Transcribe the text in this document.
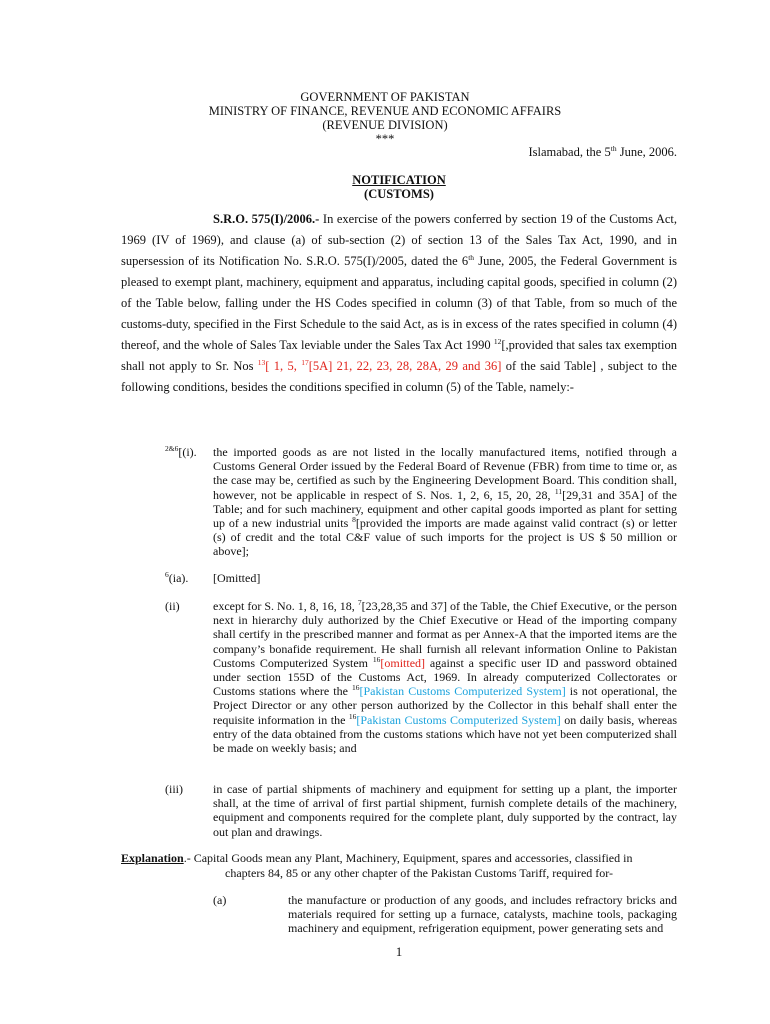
GOVERNMENT OF PAKISTAN
MINISTRY OF FINANCE, REVENUE AND ECONOMIC AFFAIRS
(REVENUE DIVISION)
***
Islamabad, the 5th June, 2006.
NOTIFICATION
(CUSTOMS)
S.R.O. 575(I)/2006.- In exercise of the powers conferred by section 19 of the Customs Act, 1969 (IV of 1969), and clause (a) of sub-section (2) of section 13 of the Sales Tax Act, 1990, and in supersession of its Notification No. S.R.O. 575(I)/2005, dated the 6th June, 2005, the Federal Government is pleased to exempt plant, machinery, equipment and apparatus, including capital goods, specified in column (2) of the Table below, falling under the HS Codes specified in column (3) of that Table, from so much of the customs-duty, specified in the First Schedule to the said Act, as is in excess of the rates specified in column (4) thereof, and the whole of Sales Tax leviable under the Sales Tax Act 1990 $^{12}$[,provided that sales tax exemption shall not apply to Sr. Nos $^{13}$[ 1, 5, $^{17}$[5A] 21, 22, 23, 28, 28A, 29 and 36] of the said Table] , subject to the following conditions, besides the conditions specified in column (5) of the Table, namely:-
$^{2\&6}$[(i).	the imported goods as are not listed in the locally manufactured items, notified through a Customs General Order issued by the Federal Board of Revenue (FBR) from time to time or, as the case may be, certified as such by the Engineering Development Board. This condition shall, however, not be applicable in respect of S. Nos. 1, 2, 6, 15, 20, 28, $^{11}$[29,31 and 35A] of the Table; and for such machinery, equipment and other capital goods imported as plant for setting up of a new industrial units $^8$[provided the imports are made against valid contract (s) or letter (s) of credit and the total C&F value of such imports for the project is US $ 50 million or above];
$^6$(ia).	[Omitted]
(ii)	except for S. No. 1, 8, 16, 18, $^7$[23,28,35 and 37] of the Table, the Chief Executive, or the person next in hierarchy duly authorized by the Chief Executive or Head of the importing company shall certify in the prescribed manner and format as per Annex-A that the imported items are the company’s bonafide requirement. He shall furnish all relevant information Online to Pakistan Customs Computerized System $^{16}$[omitted] against a specific user ID and password obtained under section 155D of the Customs Act, 1969. In already computerized Collectorates or Customs stations where the $^{16}$[Pakistan Customs Computerized System] is not operational, the Project Director or any other person authorized by the Collector in this behalf shall enter the requisite information in the $^{16}$[Pakistan Customs Computerized System] on daily basis, whereas entry of the data obtained from the customs stations which have not yet been computerized shall be made on weekly basis; and
(iii)	in case of partial shipments of machinery and equipment for setting up a plant, the importer shall, at the time of arrival of first partial shipment, furnish complete details of the machinery, equipment and components required for the complete plant, duly supported by the contract, lay out plan and drawings.
Explanation.- Capital Goods mean any Plant, Machinery, Equipment, spares and accessories, classified in
chapters 84, 85 or any other chapter of the Pakistan Customs Tariff, required for-
(a)	the manufacture or production of any goods, and includes refractory bricks and materials required for setting up a furnace, catalysts, machine tools, packaging machinery and equipment, refrigeration equipment, power generating sets and
1
